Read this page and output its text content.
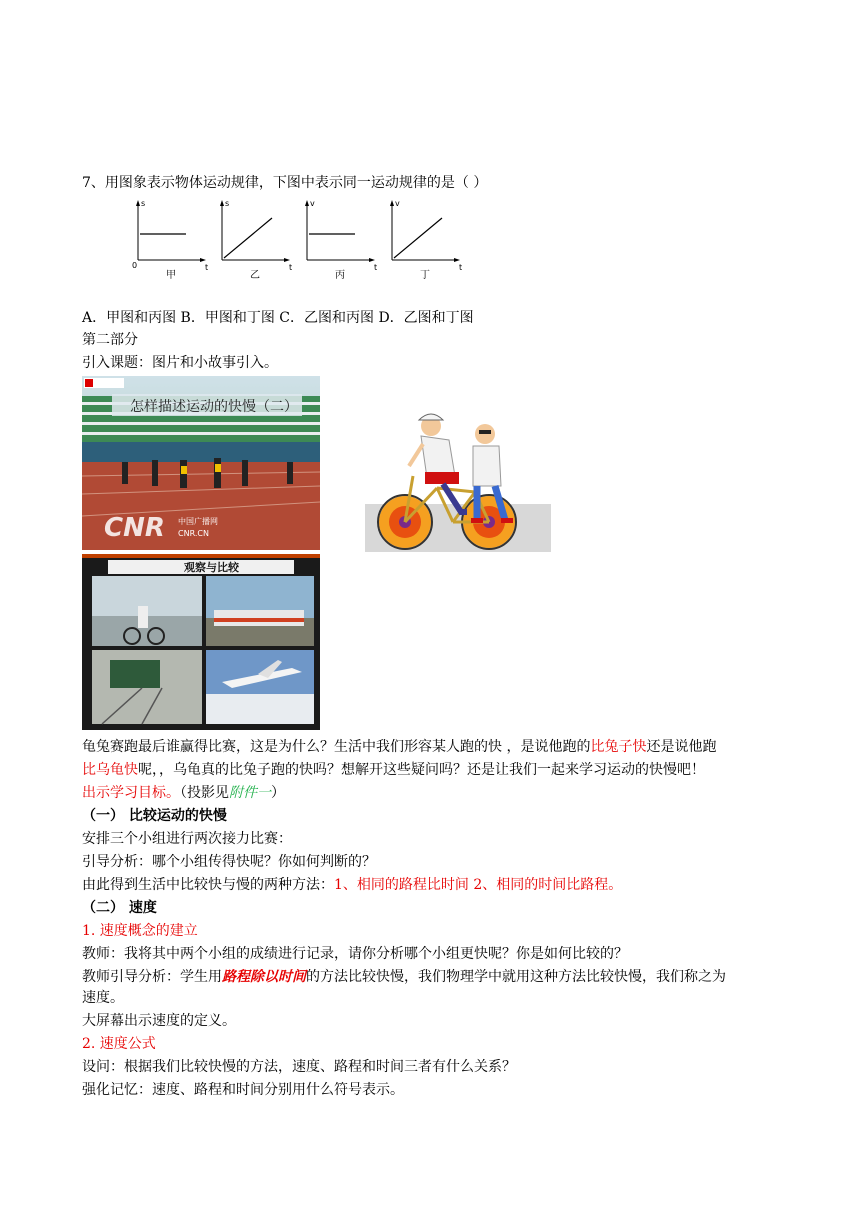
7、用图象表示物体运动规律，下图中表示同一运动规律的是（ ）
s
t
0
甲
s
t
乙
v
t
丙
v
t
丁
A．甲图和丙图 B．甲图和丁图 C．乙图和丙图 D．乙图和丁图
第二部分
引入课题：图片和小故事引入。
怎样描述运动的快慢（二）
CNR 中国广播网
CNR.CN
观察与比较
龟兔赛跑最后谁赢得比赛，这是为什么？生活中我们形容某人跑的快 ，是说他跑的比兔子快还是说他跑
比乌龟快呢，，乌龟真的比兔子跑的快吗？想解开这些疑问吗？还是让我们一起来学习运动的快慢吧！
出示学习目标。（投影见附件一）
（一） 比较运动的快慢
安排三个小组进行两次接力比赛：
引导分析：哪个小组传得快呢？你如何判断的？
由此得到生活中比较快与慢的两种方法：1、相同的路程比时间 2、相同的时间比路程。
（二） 速度
1. 速度概念的建立
教师：我将其中两个小组的成绩进行记录，请你分析哪个小组更快呢？你是如何比较的？
教师引导分析：学生用路程除以时间的方法比较快慢，我们物理学中就用这种方法比较快慢，我们称之为
速度。
大屏幕出示速度的定义。
2. 速度公式
设问：根据我们比较快慢的方法，速度、路程和时间三者有什么关系？
强化记忆：速度、路程和时间分别用什么符号表示。
